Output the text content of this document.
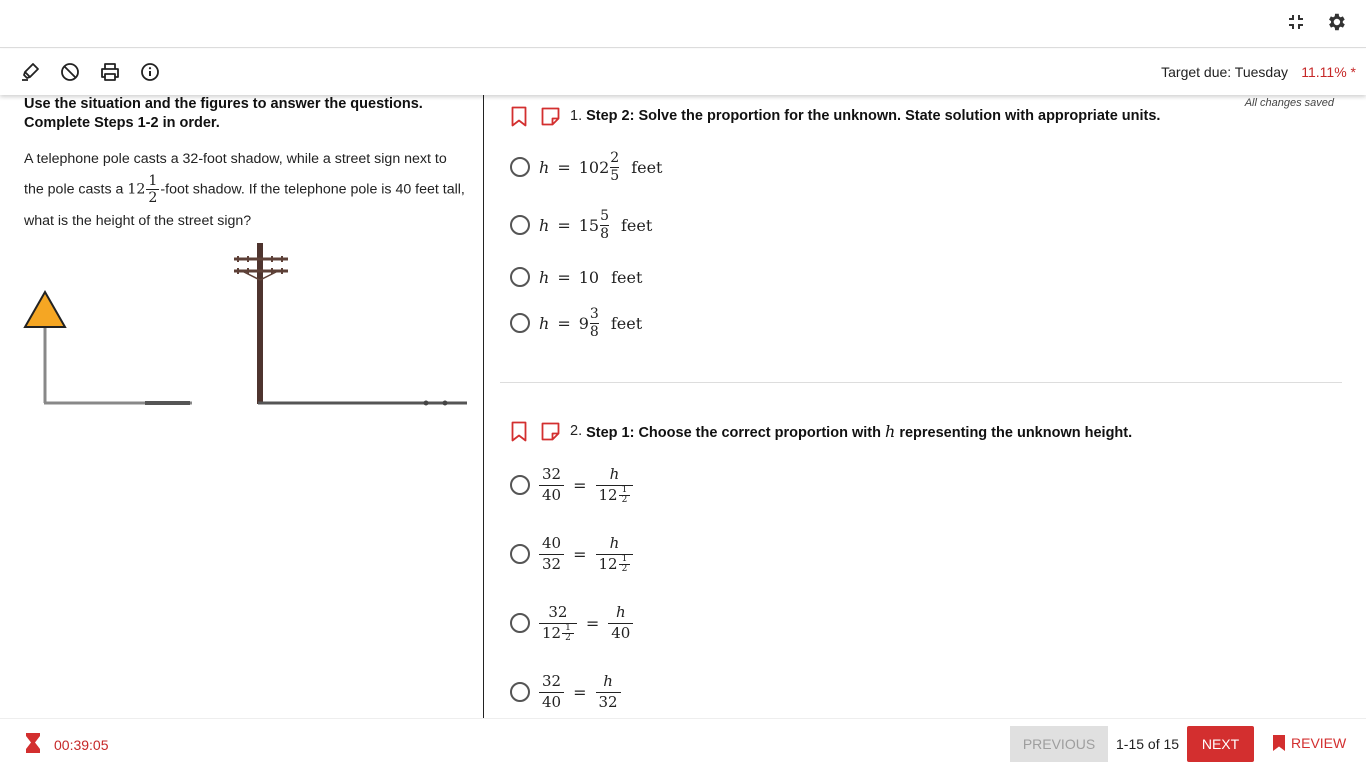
Target due: Tuesday 11.11% *
Use the situation and the figures to answer the questions.
Complete Steps 1-2 in order.
A telephone pole casts a 32-foot shadow, while a street sign next to the pole casts a $12 \frac{1}{2}$ -foot shadow. If the telephone pole is 40 feet tall, what is the height of the street sign?
All changes saved
1. Step 2: Solve the proportion for the unknown. State solution with appropriate units.
$h = 102 \frac{2}{5}$ feet
$h = 15 \frac{5}{8}$ feet
h = 10 feet
$h = 9 \frac{3}{8}$ feet
2. Step 1: Choose the correct proportion with h representing the unknown height.
$\frac{32}{40} = \frac{h}{12 \frac{1}{2}}$
$\frac{40}{32} = \frac{h}{12 \frac{1}{2}}$
$\frac{32}{12 \frac{1}{2}} = \frac{h}{40}$
$\frac{32}{40} = \frac{h}{32}$
00:39:05	PREVIOUS	1-15 of 15	NEXT	REVIEW
